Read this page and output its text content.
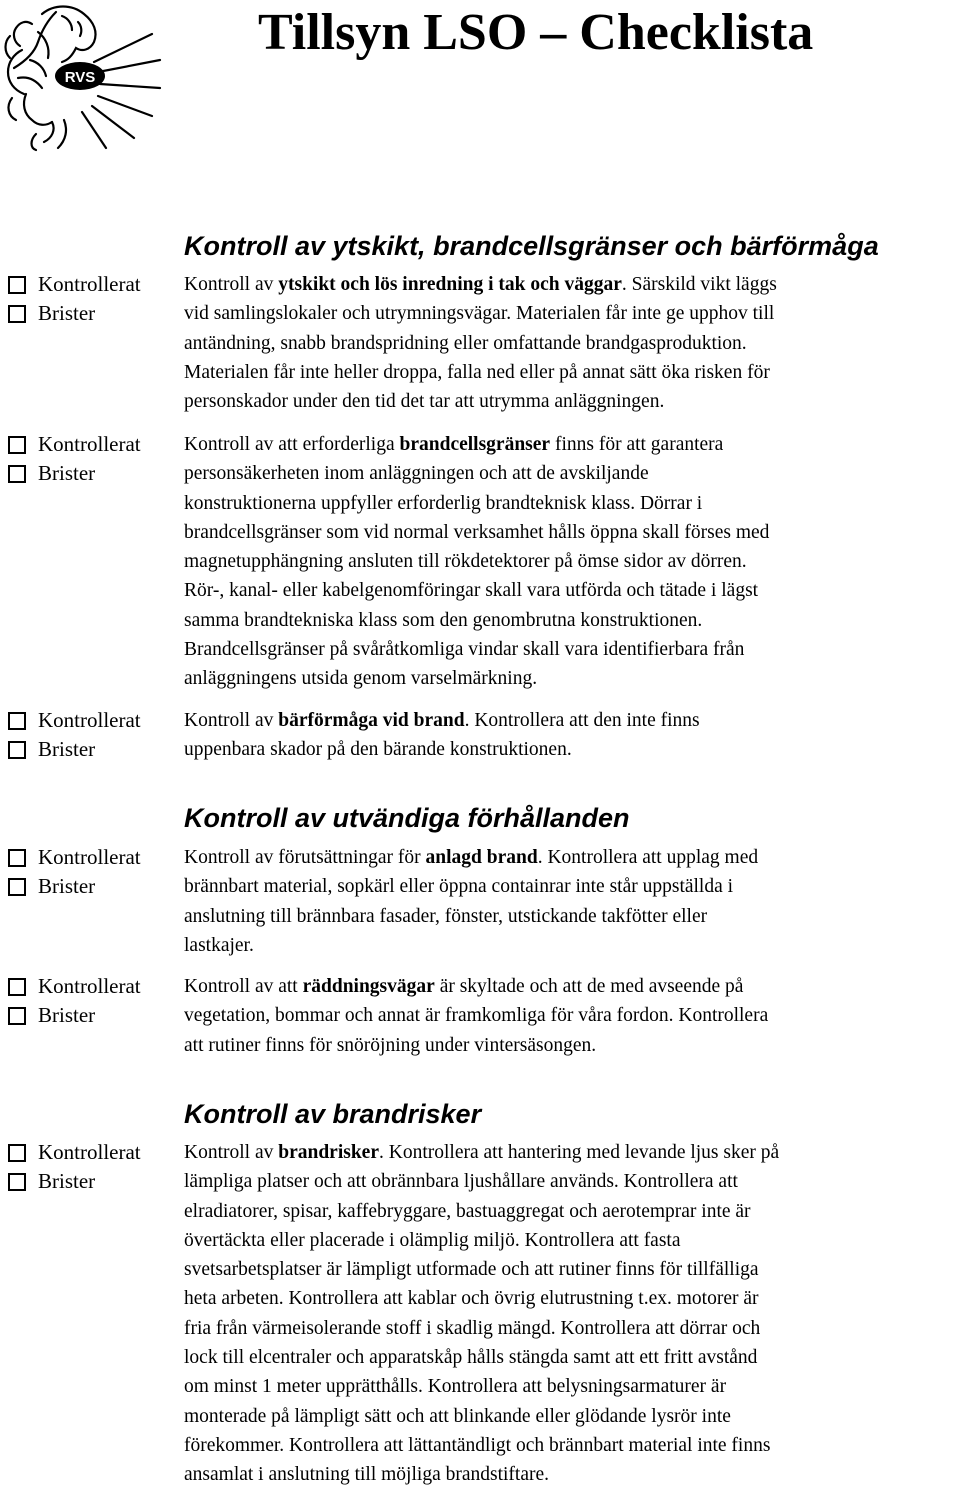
RVS
Tillsyn LSO – Checklista
Kontroll av ytskikt, brandcellsgränser och bärförmåga
Kontrollerat
Brister

Kontroll av ytskikt och lös inredning i tak och väggar. Särskild vikt läggs
vid samlingslokaler och utrymningsvägar. Materialen får inte ge upphov till
antändning, snabb brandspridning eller omfattande brandgasproduktion.
Materialen får inte heller droppa, falla ned eller på annat sätt öka risken för
personskador under den tid det tar att utrymma anläggningen.

Kontrollerat
Brister

Kontroll av att erforderliga brandcellsgränser finns för att garantera
personsäkerheten inom anläggningen och att de avskiljande
konstruktionerna uppfyller erforderlig brandteknisk klass. Dörrar i
brandcellsgränser som vid normal verksamhet hålls öppna skall förses med
magnetupphängning ansluten till rökdetektorer på ömse sidor av dörren.
Rör-, kanal- eller kabelgenomföringar skall vara utförda och tätade i lägst
samma brandtekniska klass som den genombrutna konstruktionen.
Brandcellsgränser på svåråtkomliga vindar skall vara identifierbara från
anläggningens utsida genom varselmärkning.

Kontrollerat
Brister

Kontroll av bärförmåga vid brand. Kontrollera att den inte finns
uppenbara skador på den bärande konstruktionen.

Kontroll av utvändiga förhållanden
Kontrollerat
Brister

Kontroll av förutsättningar för anlagd brand. Kontrollera att upplag med
brännbart material, sopkärl eller öppna containrar inte står uppställda i
anslutning till brännbara fasader, fönster, utstickande takfötter eller
lastkajer.

Kontrollerat
Brister

Kontroll av att räddningsvägar är skyltade och att de med avseende på
vegetation, bommar och annat är framkomliga för våra fordon. Kontrollera
att rutiner finns för snöröjning under vintersäsongen.

Kontroll av brandrisker
Kontrollerat
Brister

Kontroll av brandrisker. Kontrollera att hantering med levande ljus sker på
lämpliga platser och att obrännbara ljushållare används. Kontrollera att
elradiatorer, spisar, kaffebryggare, bastuaggregat och aerotemprar inte är
övertäckta eller placerade i olämplig miljö. Kontrollera att fasta
svetsarbetsplatser är lämpligt utformade och att rutiner finns för tillfälliga
heta arbeten. Kontrollera att kablar och övrig elutrustning t.ex. motorer är
fria från värmeisolerande stoff i skadlig mängd. Kontrollera att dörrar och
lock till elcentraler och apparatskåp hålls stängda samt att ett fritt avstånd
om minst 1 meter upprätthålls. Kontrollera att belysningsarmaturer är
monterade på lämpligt sätt och att blinkande eller glödande lysrör inte
förekommer. Kontrollera att lättantändligt och brännbart material inte finns
ansamlat i anslutning till möjliga brandstiftare.
